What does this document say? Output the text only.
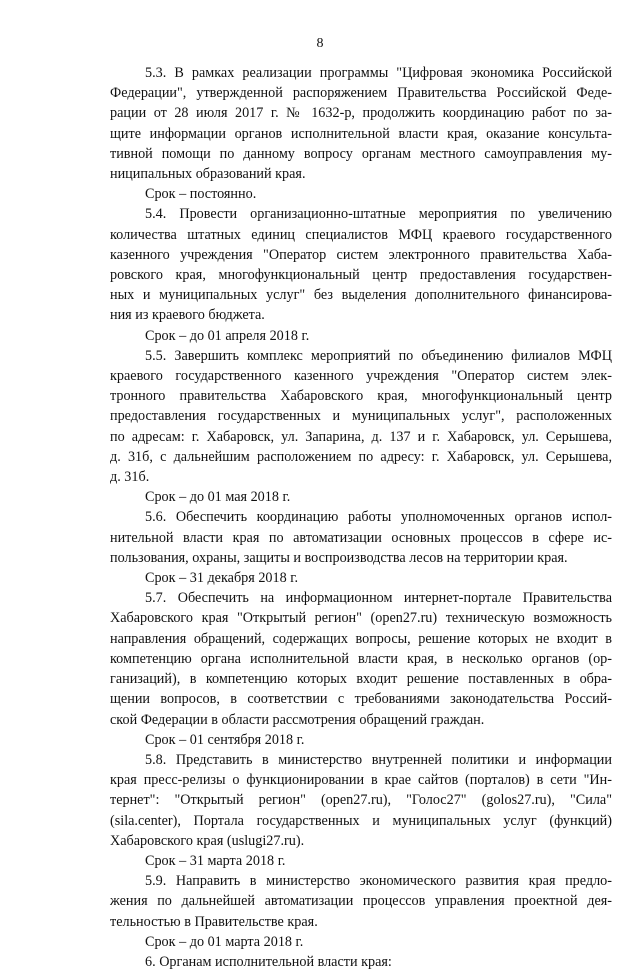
8
5.3. В рамках реализации программы "Цифровая экономика Российской
Федерации", утвержденной распоряжением Правительства Российской Феде-
рации от 28 июля 2017 г. № 1632-р, продолжить координацию работ по за-
щите информации органов исполнительной власти края, оказание консульта-
тивной помощи по данному вопросу органам местного самоуправления му-
ниципальных образований края.
Срок – постоянно.
5.4. Провести организационно-штатные мероприятия по увеличению
количества штатных единиц специалистов МФЦ краевого государственного
казенного учреждения "Оператор систем электронного правительства Хаба-
ровского края, многофункциональный центр предоставления государствен-
ных и муниципальных услуг" без выделения дополнительного финансирова-
ния из краевого бюджета.
Срок – до 01 апреля 2018 г.
5.5. Завершить комплекс мероприятий по объединению филиалов МФЦ
краевого государственного казенного учреждения "Оператор систем элек-
тронного правительства Хабаровского края, многофункциональный центр
предоставления государственных и муниципальных услуг", расположенных
по адресам: г. Хабаровск, ул. Запарина, д. 137 и г. Хабаровск, ул. Серышева,
д. 31б, с дальнейшим расположением по адресу: г. Хабаровск, ул. Серышева,
д. 31б.
Срок – до 01 мая 2018 г.
5.6. Обеспечить координацию работы уполномоченных органов испол-
нительной власти края по автоматизации основных процессов в сфере ис-
пользования, охраны, защиты и воспроизводства лесов на территории края.
Срок – 31 декабря 2018 г.
5.7. Обеспечить на информационном интернет-портале Правительства
Хабаровского края "Открытый регион" (open27.ru) техническую возможность
направления обращений, содержащих вопросы, решение которых не входит в
компетенцию органа исполнительной власти края, в несколько органов (ор-
ганизаций), в компетенцию которых входит решение поставленных в обра-
щении вопросов, в соответствии с требованиями законодательства Россий-
ской Федерации в области рассмотрения обращений граждан.
Срок – 01 сентября 2018 г.
5.8. Представить в министерство внутренней политики и информации
края пресс-релизы о функционировании в крае сайтов (порталов) в сети "Ин-
тернет": "Открытый регион" (open27.ru), "Голос27" (golos27.ru), "Сила"
(sila.center), Портала государственных и муниципальных услуг (функций)
Хабаровского края (uslugi27.ru).
Срок – 31 марта 2018 г.
5.9. Направить в министерство экономического развития края предло-
жения по дальнейшей автоматизации процессов управления проектной дея-
тельностью в Правительстве края.
Срок – до 01 марта 2018 г.
6. Органам исполнительной власти края:
